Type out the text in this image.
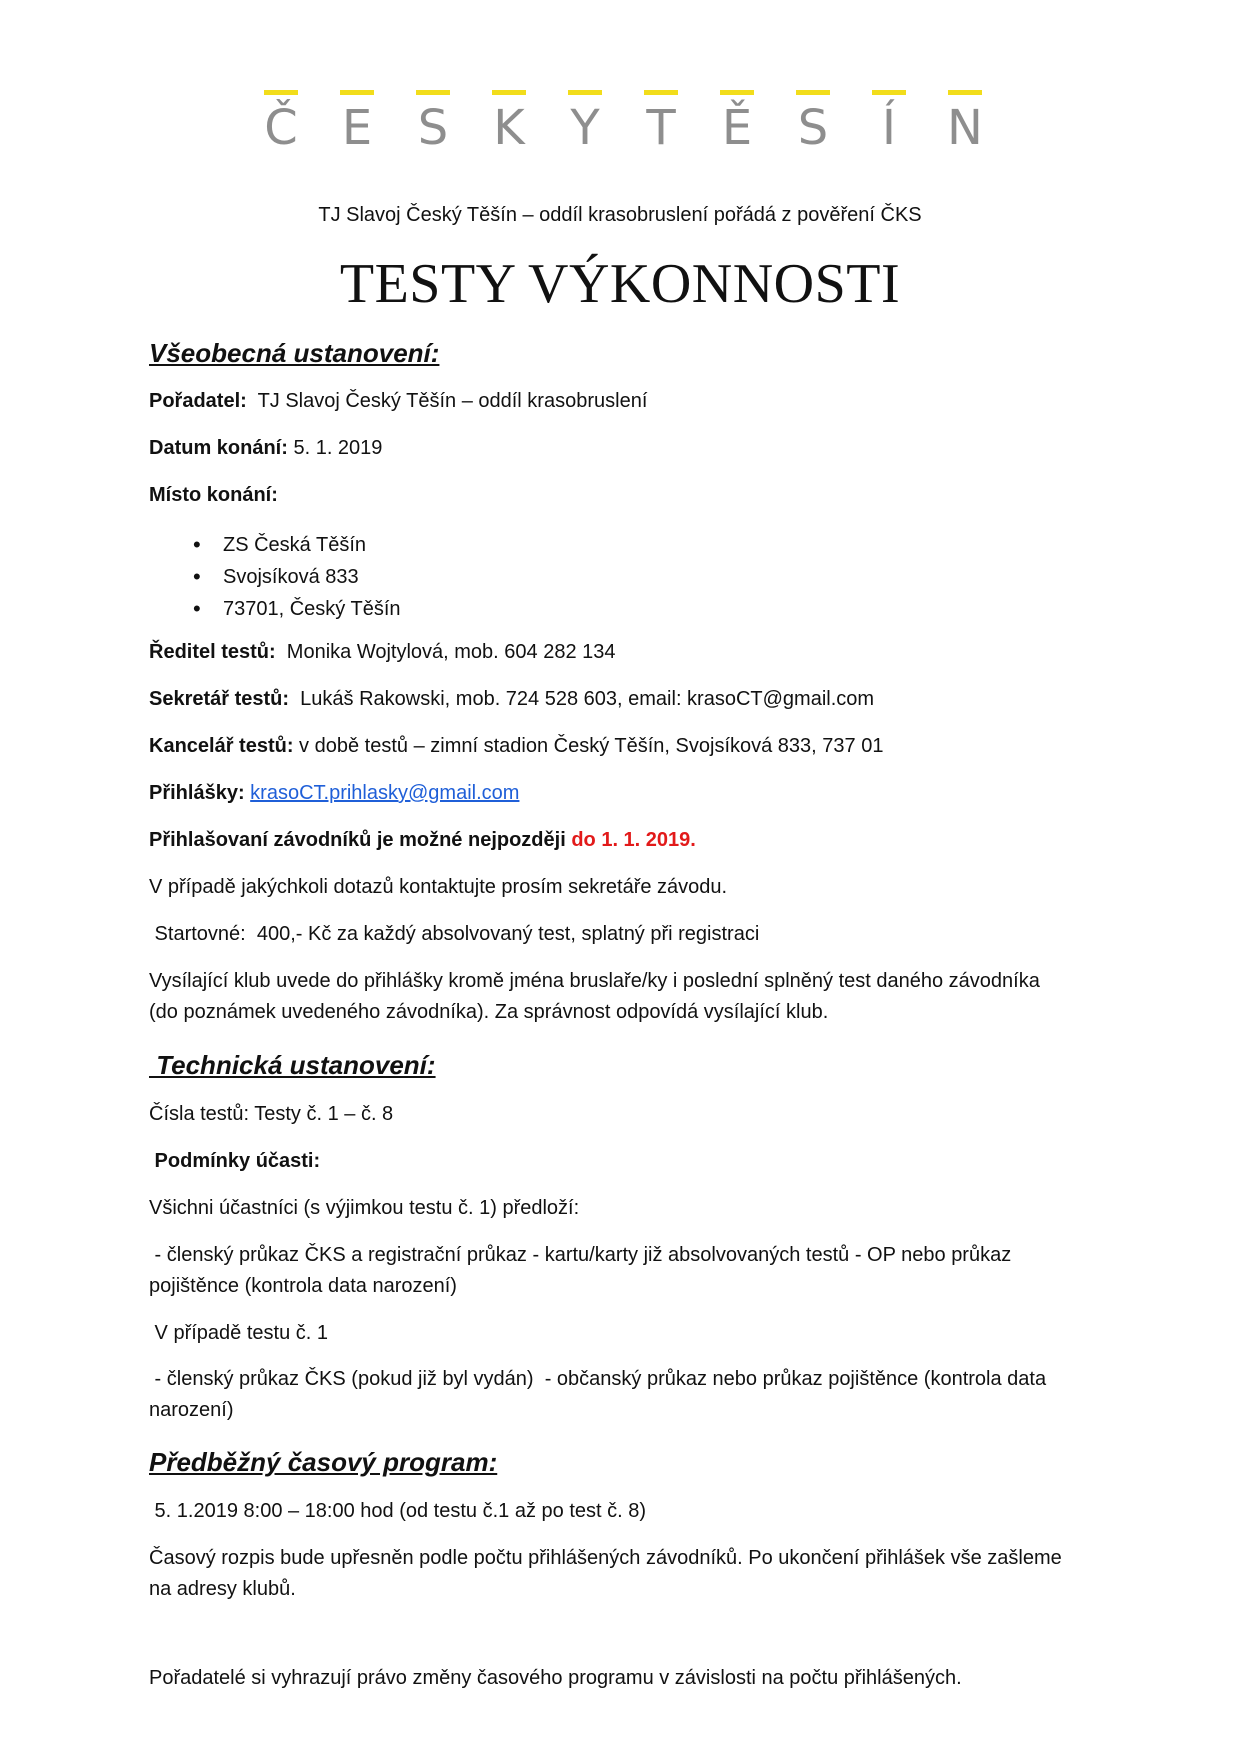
Č E S K Y T Ě S Í N
TJ Slavoj Český Těšín – oddíl krasobruslení pořádá z pověření ČKS
TESTY VÝKONNOSTI
Všeobecná ustanovení:
Pořadatel:  TJ Slavoj Český Těšín – oddíl krasobruslení
Datum konání: 5. 1. 2019
Místo konání:
• ZS Česká Těšín
• Svojsíková 833
• 73701, Český Těšín
Ředitel testů:  Monika Wojtylová, mob. 604 282 134
Sekretář testů:  Lukáš Rakowski, mob. 724 528 603, email: krasoCT@gmail.com
Kancelář testů: v době testů – zimní stadion Český Těšín, Svojsíková 833, 737 01
Přihlášky: krasoCT.prihlasky@gmail.com
Přihlašovaní závodníků je možné nejpozději do 1. 1. 2019.
V případě jakýchkoli dotazů kontaktujte prosím sekretáře závodu.
Startovné:  400,- Kč za každý absolvovaný test, splatný při registraci
Vysílající klub uvede do přihlášky kromě jména bruslaře/ky i poslední splněný test daného závodníka
(do poznámek uvedeného závodníka). Za správnost odpovídá vysílající klub.
Technická ustanovení:
Čísla testů: Testy č. 1 – č. 8
Podmínky účasti:
Všichni účastníci (s výjimkou testu č. 1) předloží:
- členský průkaz ČKS a registrační průkaz - kartu/karty již absolvovaných testů - OP nebo průkaz
pojištěnce (kontrola data narození)
V případě testu č. 1
- členský průkaz ČKS (pokud již byl vydán)  - občanský průkaz nebo průkaz pojištěnce (kontrola data
narození)
Předběžný časový program:
5. 1.2019 8:00 – 18:00 hod (od testu č.1 až po test č. 8)
Časový rozpis bude upřesněn podle počtu přihlášených závodníků. Po ukončení přihlášek vše zašleme
na adresy klubů.
Pořadatelé si vyhrazují právo změny časového programu v závislosti na počtu přihlášených.
